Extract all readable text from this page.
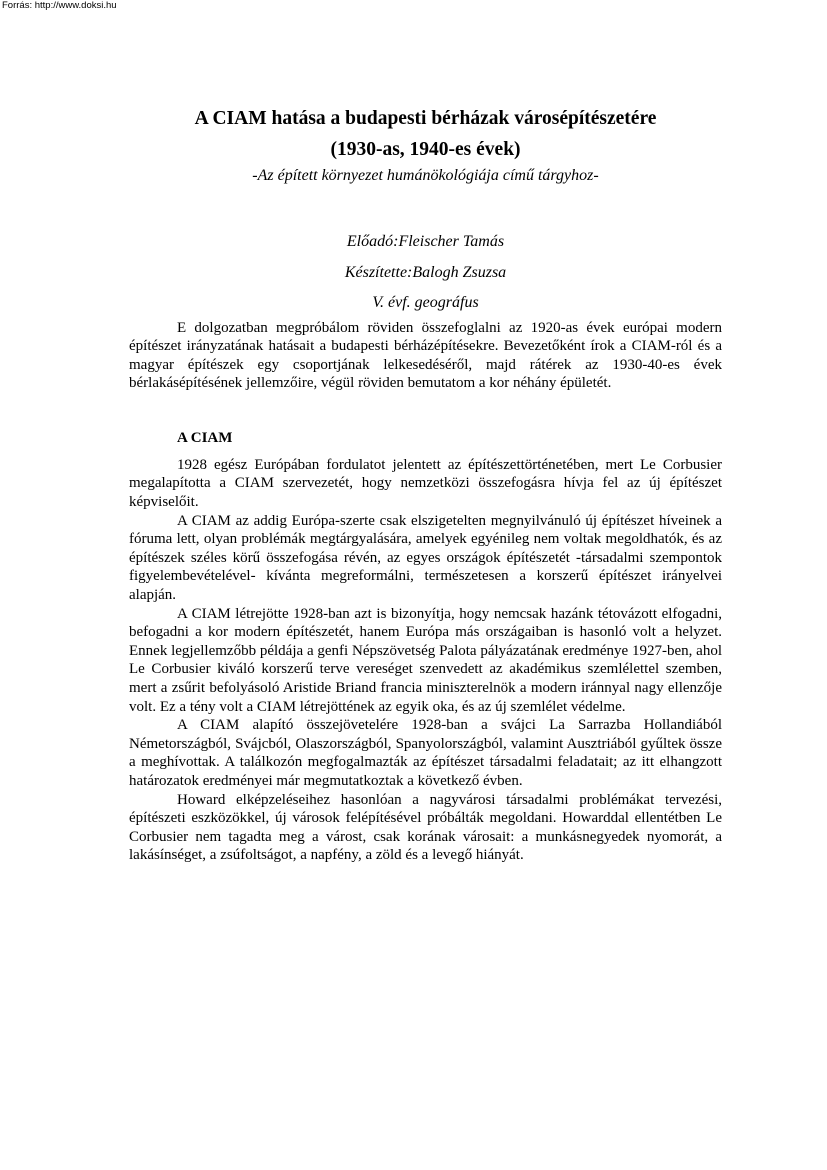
Forrás: http://www.doksi.hu
A CIAM hatása a budapesti bérházak városépítészetére
(1930-as, 1940-es évek)
-Az épített környezet humánökológiája című tárgyhoz-
Előadó:Fleischer Tamás
Készítette:Balogh Zsuzsa
V. évf. geográfus

E dolgozatban megpróbálom röviden összefoglalni az 1920-as évek európai modern építészet irányzatának hatásait a budapesti bérházépítésekre. Bevezetőként írok a CIAM-ról és a magyar építészek egy csoportjának lelkesedéséről, majd rátérek az 1930-40-es évek bérlakásépítésének jellemzőire, végül röviden bemutatom a kor néhány épületét.

A CIAM

1928 egész Európában fordulatot jelentett az építészettörténetében, mert Le Corbusier megalapította a CIAM szervezetét, hogy nemzetközi összefogásra hívja fel az új építészet képviselőit.

A CIAM az addig Európa-szerte csak elszigetelten megnyilvánuló új építészet híveinek a fóruma lett, olyan problémák megtárgyalására, amelyek egyénileg nem voltak megoldhatók, és az építészek széles körű összefogása révén, az egyes országok építészetét -társadalmi szempontok figyelembevételével- kívánta megreformálni, természetesen a korszerű építészet irányelvei alapján.

A CIAM létrejötte 1928-ban azt is bizonyítja, hogy nemcsak hazánk tétovázott elfogadni, befogadni a kor modern építészetét, hanem Európa más országaiban is hasonló volt a helyzet. Ennek legjellemzőbb példája a genfi Népszövetség Palota pályázatának eredménye 1927-ben, ahol Le Corbusier kiváló korszerű terve vereséget szenvedett az akadémikus szemlélettel szemben, mert a zsűrit befolyásoló Aristide Briand francia miniszterelnök a modern iránnyal nagy ellenzője volt. Ez a tény volt a CIAM létrejöttének az egyik oka, és az új szemlélet védelme.

A CIAM alapító összejövetelére 1928-ban a svájci La Sarrazba Hollandiából Németországból, Svájcból, Olaszországból, Spanyolországból, valamint Ausztriából gyűltek össze a meghívottak. A találkozón megfogalmazták az építészet társadalmi feladatait; az itt elhangzott határozatok eredményei már megmutatkoztak a következő évben.

Howard elképzeléseihez hasonlóan a nagyvárosi társadalmi problémákat tervezési, építészeti eszközökkel, új városok felépítésével próbálták megoldani. Howarddal ellentétben Le Corbusier nem tagadta meg a várost, csak korának városait: a munkásnegyedek nyomorát, a lakásínséget, a zsúfoltságot, a napfény, a zöld és a levegő hiányát.
